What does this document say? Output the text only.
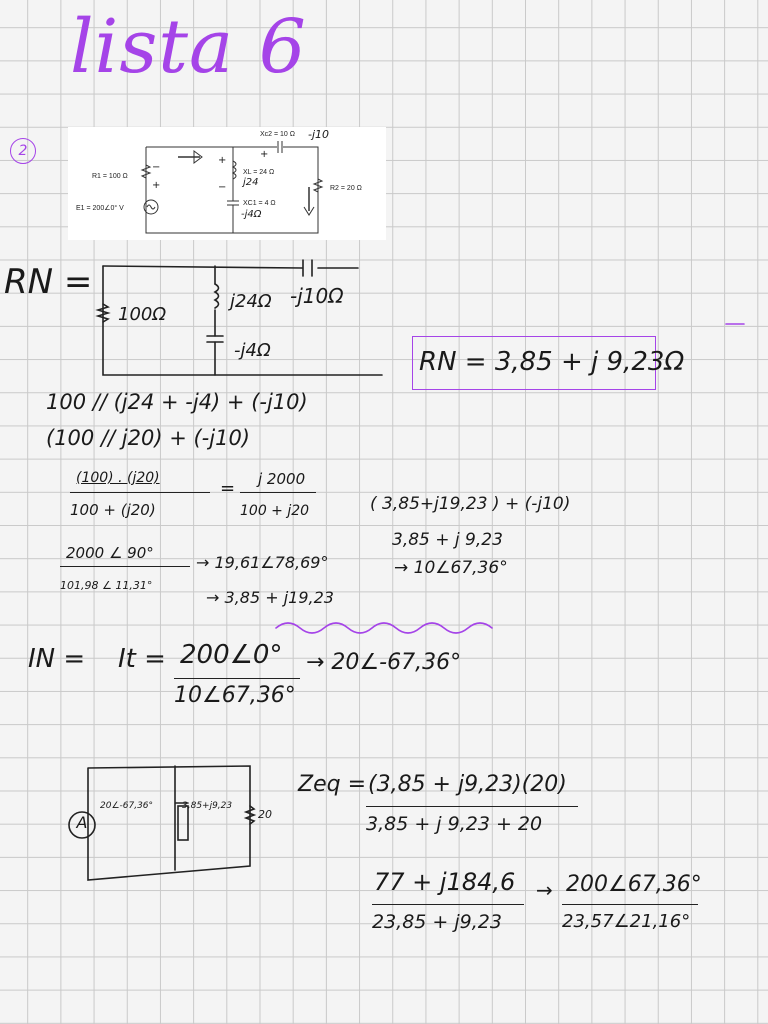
lista 6
2
Xc2 = 10 Ω -j10
R1 = 100 Ω
XL = 24 Ω
j24
R2 = 20 Ω
E1 = 200∠0° V
XC1 = 4 Ω
-j4Ω
+
+
+
−
−
RN =
100Ω
j24Ω -j10Ω
-j4Ω	RN = 3,85 + j 9,23Ω
100 // (j24 + -j4) + (-j10)
(100 // j20) + (-j10)
(100) . (j20)
100 + (j20)
= j 2000
100 + j20
2000 ∠ 90°
101,98 ∠ 11,31°
→ 19,61∠78,69°
→ 3,85 + j19,23
( 3,85+j19,23 ) + (-j10)
3,85 + j 9,23
→ 10∠67,36°
IN = It = 200∠0°
10∠67,36°
→ 20∠-67,36°
A
20∠-67,36°	3,85+j9,23
20
Zeq = (3,85 + j9,23)(20)
3,85 + j 9,23 + 20
77 + j184,6
23,85 + j9,23
→ 200∠67,36°
23,57∠21,16°
